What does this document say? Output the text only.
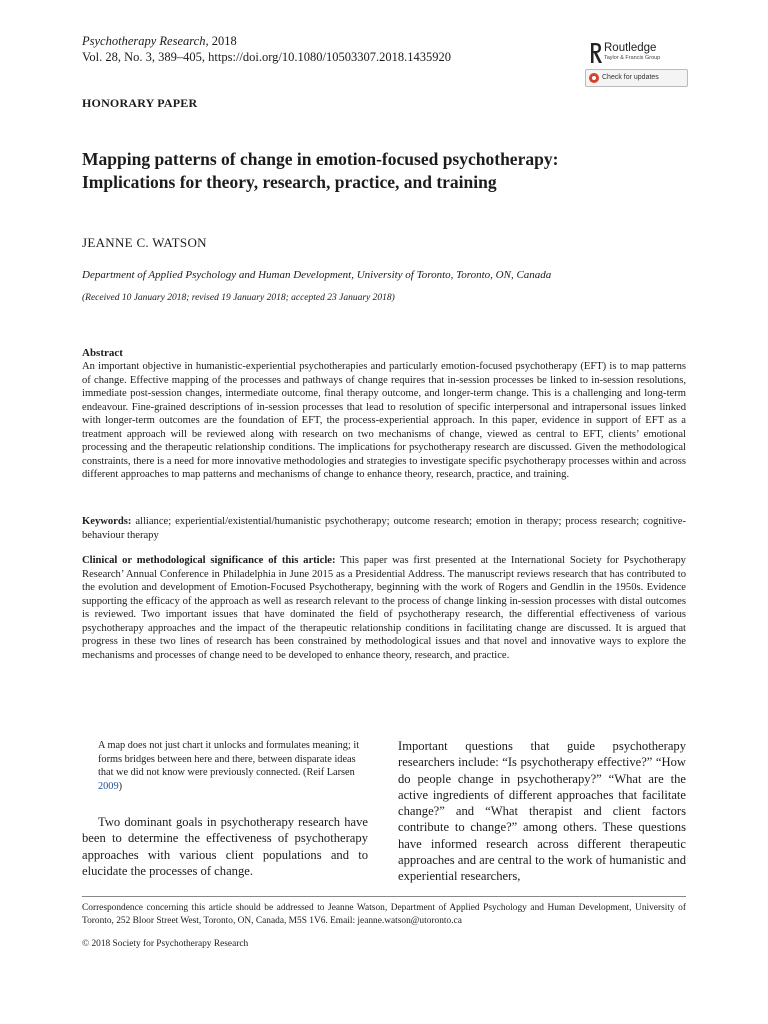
Psychotherapy Research, 2018
Vol. 28, No. 3, 389–405, https://doi.org/10.1080/10503307.2018.1435920
Routledge
Taylor & Francis Group
Check for updates
HONORARY PAPER
Mapping patterns of change in emotion-focused psychotherapy:
Implications for theory, research, practice, and training
JEANNE C. WATSON
Department of Applied Psychology and Human Development, University of Toronto, Toronto, ON, Canada
(Received 10 January 2018; revised 19 January 2018; accepted 23 January 2018)
Abstract
An important objective in humanistic-experiential psychotherapies and particularly emotion-focused psychotherapy (EFT) is to map patterns of change. Effective mapping of the processes and pathways of change requires that in-session processes be linked to in-session resolutions, immediate post-session changes, intermediate outcome, final therapy outcome, and longer-term change. This is a challenging and long-term endeavour. Fine-grained descriptions of in-session processes that lead to resolution of specific interpersonal and intrapersonal issues linked with longer-term outcomes are the foundation of EFT, the process-experiential approach. In this paper, evidence in support of EFT as a treatment approach will be reviewed along with research on two mechanisms of change, viewed as central to EFT, clients’ emotional processing and the therapeutic relationship conditions. The implications for psychotherapy research are discussed. Given the methodological constraints, there is a need for more innovative methodologies and strategies to investigate specific psychotherapy processes within and across different approaches to map patterns and mechanisms of change to enhance theory, research, practice, and training.
Keywords: alliance; experiential/existential/humanistic psychotherapy; outcome research; emotion in therapy; process research; cognitive-behaviour therapy
Clinical or methodological significance of this article: This paper was first presented at the International Society for Psychotherapy Research’ Annual Conference in Philadelphia in June 2015 as a Presidential Address. The manuscript reviews research that has contributed to the evolution and development of Emotion-Focused Psychotherapy, beginning with the work of Rogers and Gendlin in the 1950s. Evidence supporting the efficacy of the approach as well as research relevant to the process of change linking in-session processes with distal outcomes is reviewed. Two important issues that have dominated the field of psychotherapy research, the differential effectiveness of various psychotherapy approaches and the impact of the therapeutic relationship conditions in facilitating change are discussed. It is argued that progress in these two lines of research has been constrained by methodological issues and that novel and innovative ways to explore the mechanisms and processes of change need to be developed to enhance theory, research, and practice.
A map does not just chart it unlocks and formulates meaning; it forms bridges between here and there, between disparate ideas that we did not know were previously connected. (Reif Larsen 2009)
Two dominant goals in psychotherapy research have been to determine the effectiveness of psychotherapy approaches with various client populations and to elucidate the processes of change.
Important questions that guide psychotherapy researchers include: “Is psychotherapy effective?” “How do people change in psychotherapy?” “What are the active ingredients of different approaches that facilitate change?” and “What therapist and client factors contribute to change?” among others. These questions have informed research across different therapeutic approaches and are central to the work of humanistic and experiential researchers,
Correspondence concerning this article should be addressed to Jeanne Watson, Department of Applied Psychology and Human Development, University of Toronto, 252 Bloor Street West, Toronto, ON, Canada, M5S 1V6. Email: jeanne.watson@utoronto.ca
© 2018 Society for Psychotherapy Research
